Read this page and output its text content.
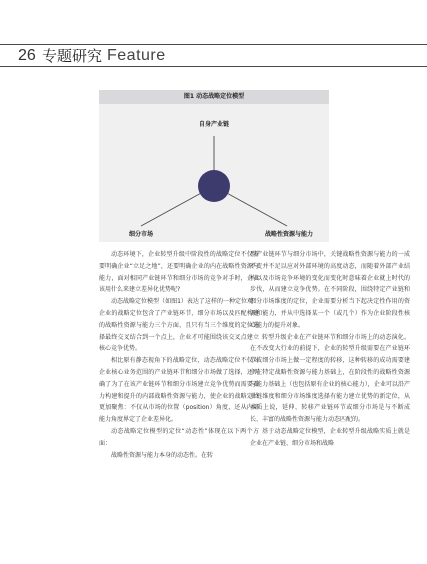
26 专题研究 Feature
图1 动态战略定位模型
自身产业链
细分市场	战略性资源与能力

动态环境下，企业转型升级中阶段性的战略定位不仅需要明确企业“立足之地”，还要明确企业的内在战略性资源与能力，面对相同产业链环节和细分市场的竞争对手时，企业该用什么来建立差异化优势呢?

动态战略定位模型（如图1）表达了这样的一种定位观：企业的战略定位包含了产业链环节、细分市场以及匹配构建的战略性资源与能力三个方面，且只有当三个维度的定位选择最终交叉结合到一个点上，企业才可能围绕该交叉点建立核心竞争优势。

相比原有静态视角下的战略定位，动态战略定位不仅对企业核心业务范围的产业链环节和细分市场做了选择，还明确了为了在该产业链环节和细分市场建立竞争优势而需要着力构建和提升的内部战略性资源与能力，使企业的战略定位更加聚焦：不仅从市场的位置（position）角度，还从内部能力角度界定了企业差异化。

动态战略定位模型的定位“动态性”体现在以下两个方面：

战略性资源与能力本身的动态性。在转

型产业链环节与细分市场中，关键战略性资源与能力的一成不变并不足以应对外部环境的高度动态，而随着外部产业结构以及市场竞争环境的变化而变化时意味着企业就上时代的步伐，从而建立竞争优势。在不同阶段，围绕特定产业链和细分市场维度的定位，企业需要分析当下起决定性作用的资源和能力，并从中选择某一个（或几个）作为企业阶段性核心能力的提升对象。

转型升级企业在产业链环节和细分市场上的动态演化。在不改变大行业的前提下，企业的转型升级需要在产业链环节或细分市场上做一定程度的转移，这种转移的成功需要建立在特定战略性资源与能力基础上，在阶段性的战略性资源与能力基础上（也包括原有企业的核心能力），企业可以沿产业链维度和细分市场维度选择有能力建立优势的新定位，从本质上说，延伸、转移产业链环节或细分市场是与不断成长、丰富的战略性资源与能力动态匹配的。

基于动态战略定位模型，企业转型升级战略实质上就是企业在产业链、细分市场和战略
